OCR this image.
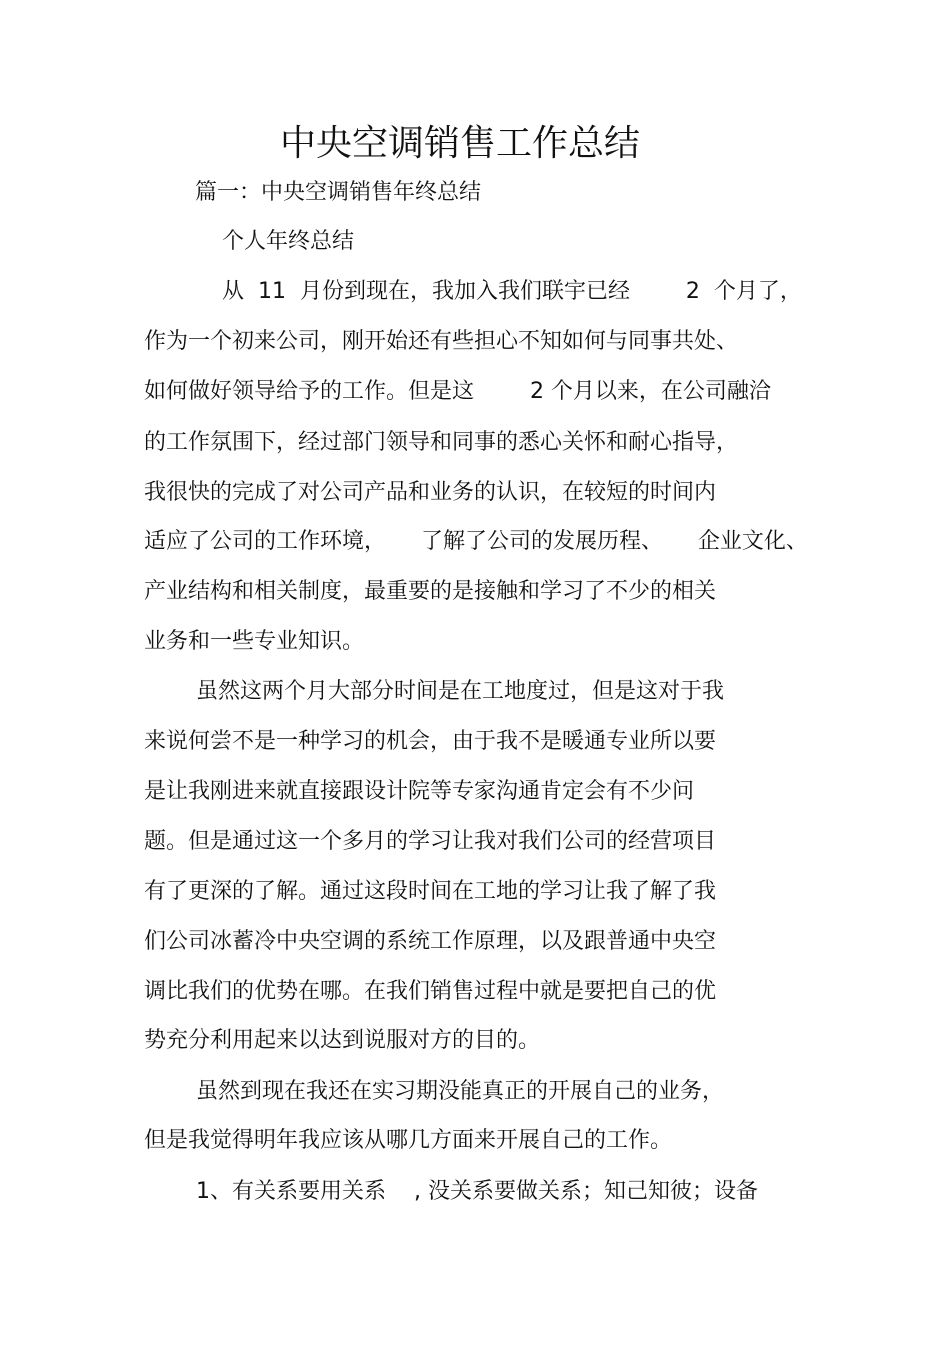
中央空调销售工作总结
篇一：中央空调销售年终总结
个人年终总结
从  11  月份到现在，我加入我们联宇已经        2  个月了，
作为一个初来公司，刚开始还有些担心不知如何与同事共处、
如何做好领导给予的工作。但是这        2 个月以来，在公司融洽
的工作氛围下，经过部门领导和同事的悉心关怀和耐心指导，
我很快的完成了对公司产品和业务的认识，在较短的时间内
适应了公司的工作环境，     了解了公司的发展历程、     企业文化、
产业结构和相关制度，最重要的是接触和学习了不少的相关
业务和一些专业知识。
虽然这两个月大部分时间是在工地度过，但是这对于我
来说何尝不是一种学习的机会，由于我不是暖通专业所以要
是让我刚进来就直接跟设计院等专家沟通肯定会有不少问
题。但是通过这一个多月的学习让我对我们公司的经营项目
有了更深的了解。通过这段时间在工地的学习让我了解了我
们公司冰蓄冷中央空调的系统工作原理，以及跟普通中央空
调比我们的优势在哪。在我们销售过程中就是要把自己的优
势充分利用起来以达到说服对方的目的。
虽然到现在我还在实习期没能真正的开展自己的业务，
但是我觉得明年我应该从哪几方面来开展自己的工作。
1、有关系要用关系    , 没关系要做关系；知己知彼；设备
